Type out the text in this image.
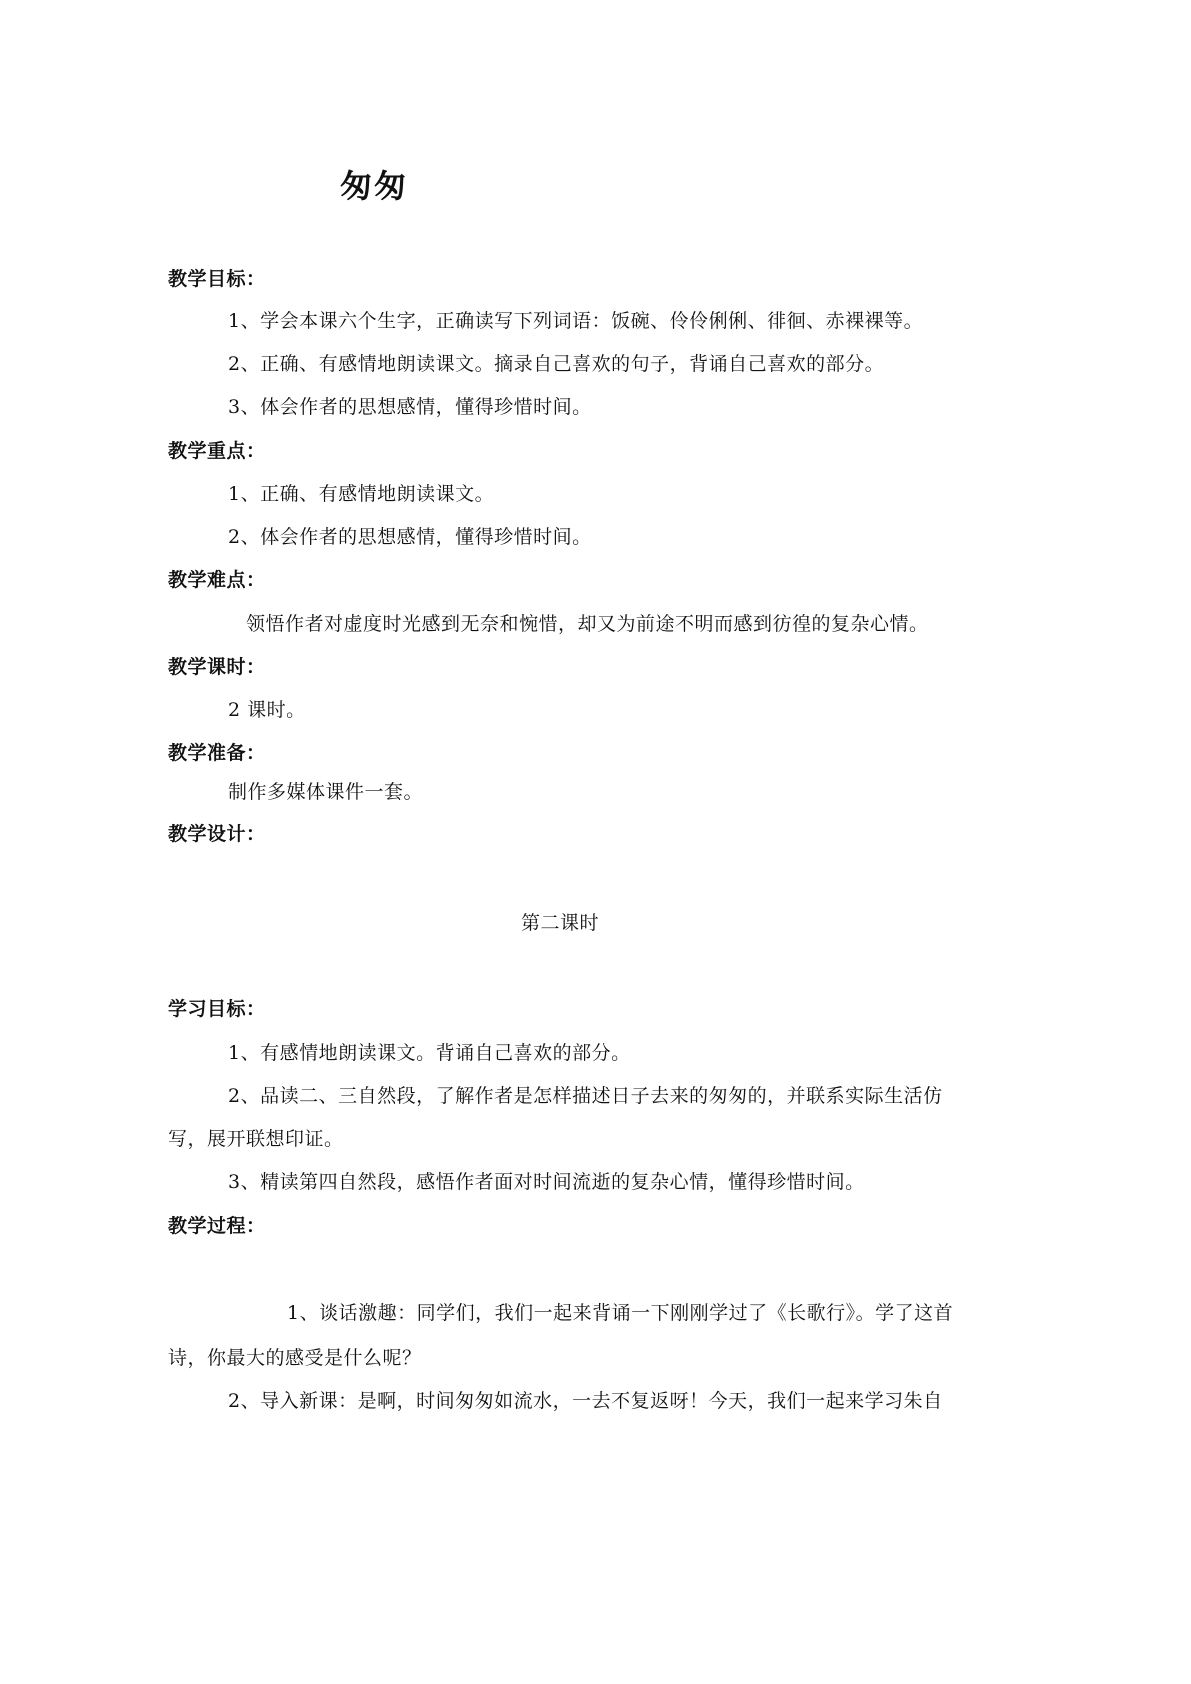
匆匆
教学目标：
1、学会本课六个生字，正确读写下列词语：饭碗、伶伶俐俐、徘徊、赤裸裸等。
2、正确、有感情地朗读课文。摘录自己喜欢的句子，背诵自己喜欢的部分。
3、体会作者的思想感情，懂得珍惜时间。
教学重点：
1、正确、有感情地朗读课文。
2、体会作者的思想感情，懂得珍惜时间。
教学难点：
领悟作者对虚度时光感到无奈和惋惜，却又为前途不明而感到彷徨的复杂心情。
教学课时：
2 课时。
教学准备：
制作多媒体课件一套。
教学设计：
第二课时
学习目标：
1、有感情地朗读课文。背诵自己喜欢的部分。
2、品读二、三自然段，了解作者是怎样描述日子去来的匆匆的，并联系实际生活仿
写，展开联想印证。
3、精读第四自然段，感悟作者面对时间流逝的复杂心情，懂得珍惜时间。
教学过程：
1、谈话激趣：同学们，我们一起来背诵一下刚刚学过了《长歌行》。学了这首
诗，你最大的感受是什么呢？
2、导入新课：是啊，时间匆匆如流水，一去不复返呀！今天，我们一起来学习朱自
